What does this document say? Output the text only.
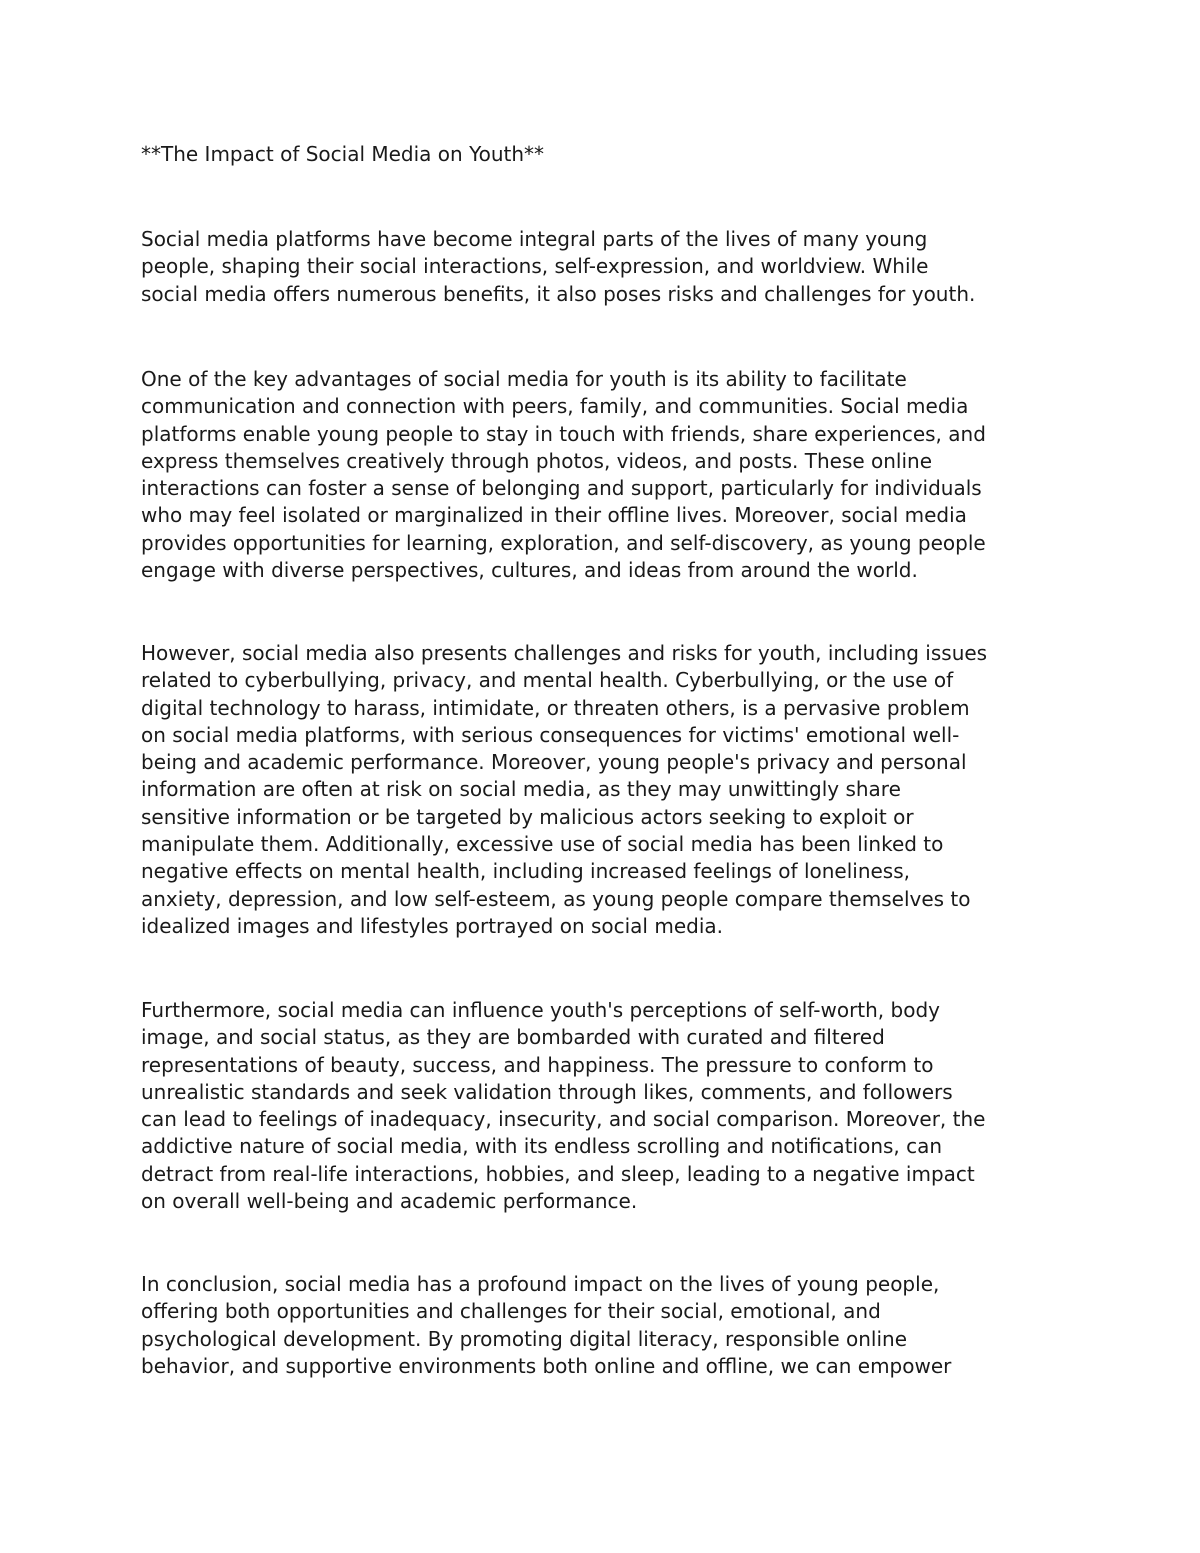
**The Impact of Social Media on Youth**
Social media platforms have become integral parts of the lives of many young
people, shaping their social interactions, self-expression, and worldview. While
social media offers numerous benefits, it also poses risks and challenges for youth.
One of the key advantages of social media for youth is its ability to facilitate
communication and connection with peers, family, and communities. Social media
platforms enable young people to stay in touch with friends, share experiences, and
express themselves creatively through photos, videos, and posts. These online
interactions can foster a sense of belonging and support, particularly for individuals
who may feel isolated or marginalized in their offline lives. Moreover, social media
provides opportunities for learning, exploration, and self-discovery, as young people
engage with diverse perspectives, cultures, and ideas from around the world.
However, social media also presents challenges and risks for youth, including issues
related to cyberbullying, privacy, and mental health. Cyberbullying, or the use of
digital technology to harass, intimidate, or threaten others, is a pervasive problem
on social media platforms, with serious consequences for victims' emotional well-
being and academic performance. Moreover, young people's privacy and personal
information are often at risk on social media, as they may unwittingly share
sensitive information or be targeted by malicious actors seeking to exploit or
manipulate them. Additionally, excessive use of social media has been linked to
negative effects on mental health, including increased feelings of loneliness,
anxiety, depression, and low self-esteem, as young people compare themselves to
idealized images and lifestyles portrayed on social media.
Furthermore, social media can influence youth's perceptions of self-worth, body
image, and social status, as they are bombarded with curated and filtered
representations of beauty, success, and happiness. The pressure to conform to
unrealistic standards and seek validation through likes, comments, and followers
can lead to feelings of inadequacy, insecurity, and social comparison. Moreover, the
addictive nature of social media, with its endless scrolling and notifications, can
detract from real-life interactions, hobbies, and sleep, leading to a negative impact
on overall well-being and academic performance.
In conclusion, social media has a profound impact on the lives of young people,
offering both opportunities and challenges for their social, emotional, and
psychological development. By promoting digital literacy, responsible online
behavior, and supportive environments both online and offline, we can empower
